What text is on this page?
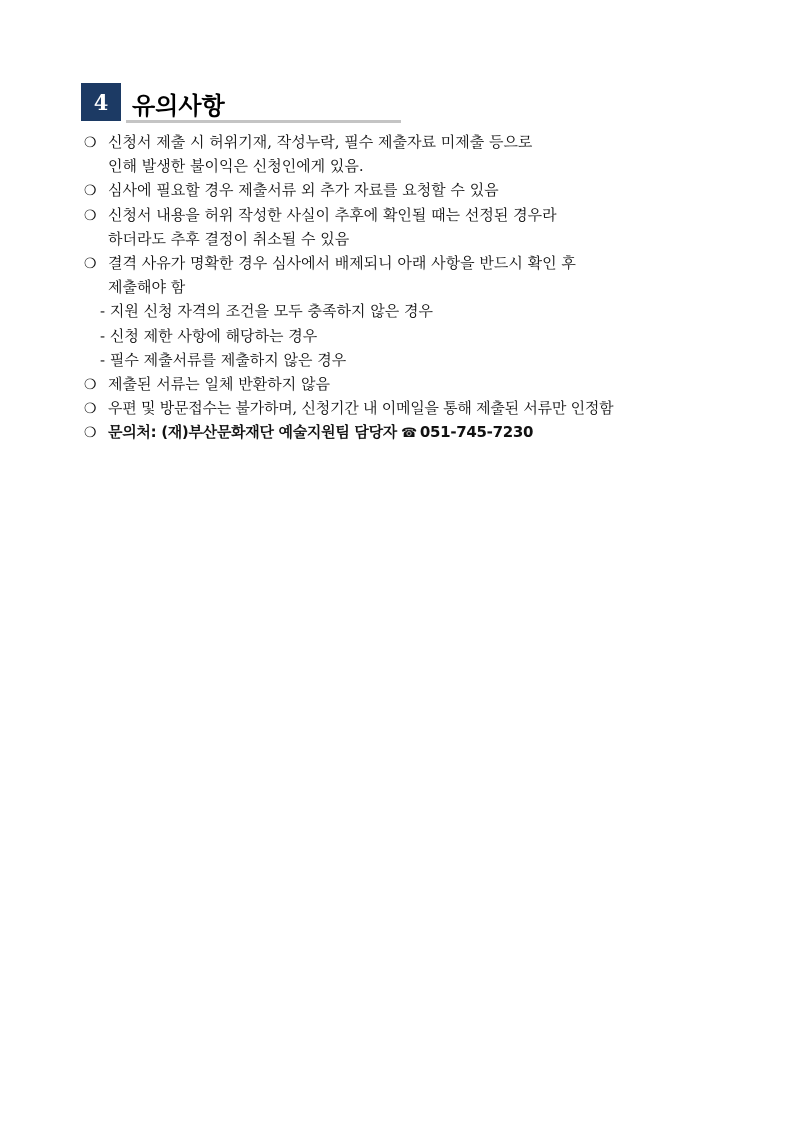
4 유의사항
❍ 신청서 제출 시 허위기재, 작성누락, 필수 제출자료 미제출 등으로
인해 발생한 불이익은 신청인에게 있음.
❍ 심사에 필요할 경우 제출서류 외 추가 자료를 요청할 수 있음
❍ 신청서 내용을 허위 작성한 사실이 추후에 확인될 때는 선정된 경우라
하더라도 추후 결정이 취소될 수 있음
❍ 결격 사유가 명확한 경우 심사에서 배제되니 아래 사항을 반드시 확인 후
제출해야 함
- 지원 신청 자격의 조건을 모두 충족하지 않은 경우
- 신청 제한 사항에 해당하는 경우
- 필수 제출서류를 제출하지 않은 경우
❍ 제출된 서류는 일체 반환하지 않음
❍ 우편 및 방문접수는 불가하며, 신청기간 내 이메일을 통해 제출된 서류만 인정함
❍ 문의처: (재)부산문화재단 예술지원팀 담당자 ☎ 051-745-7230
